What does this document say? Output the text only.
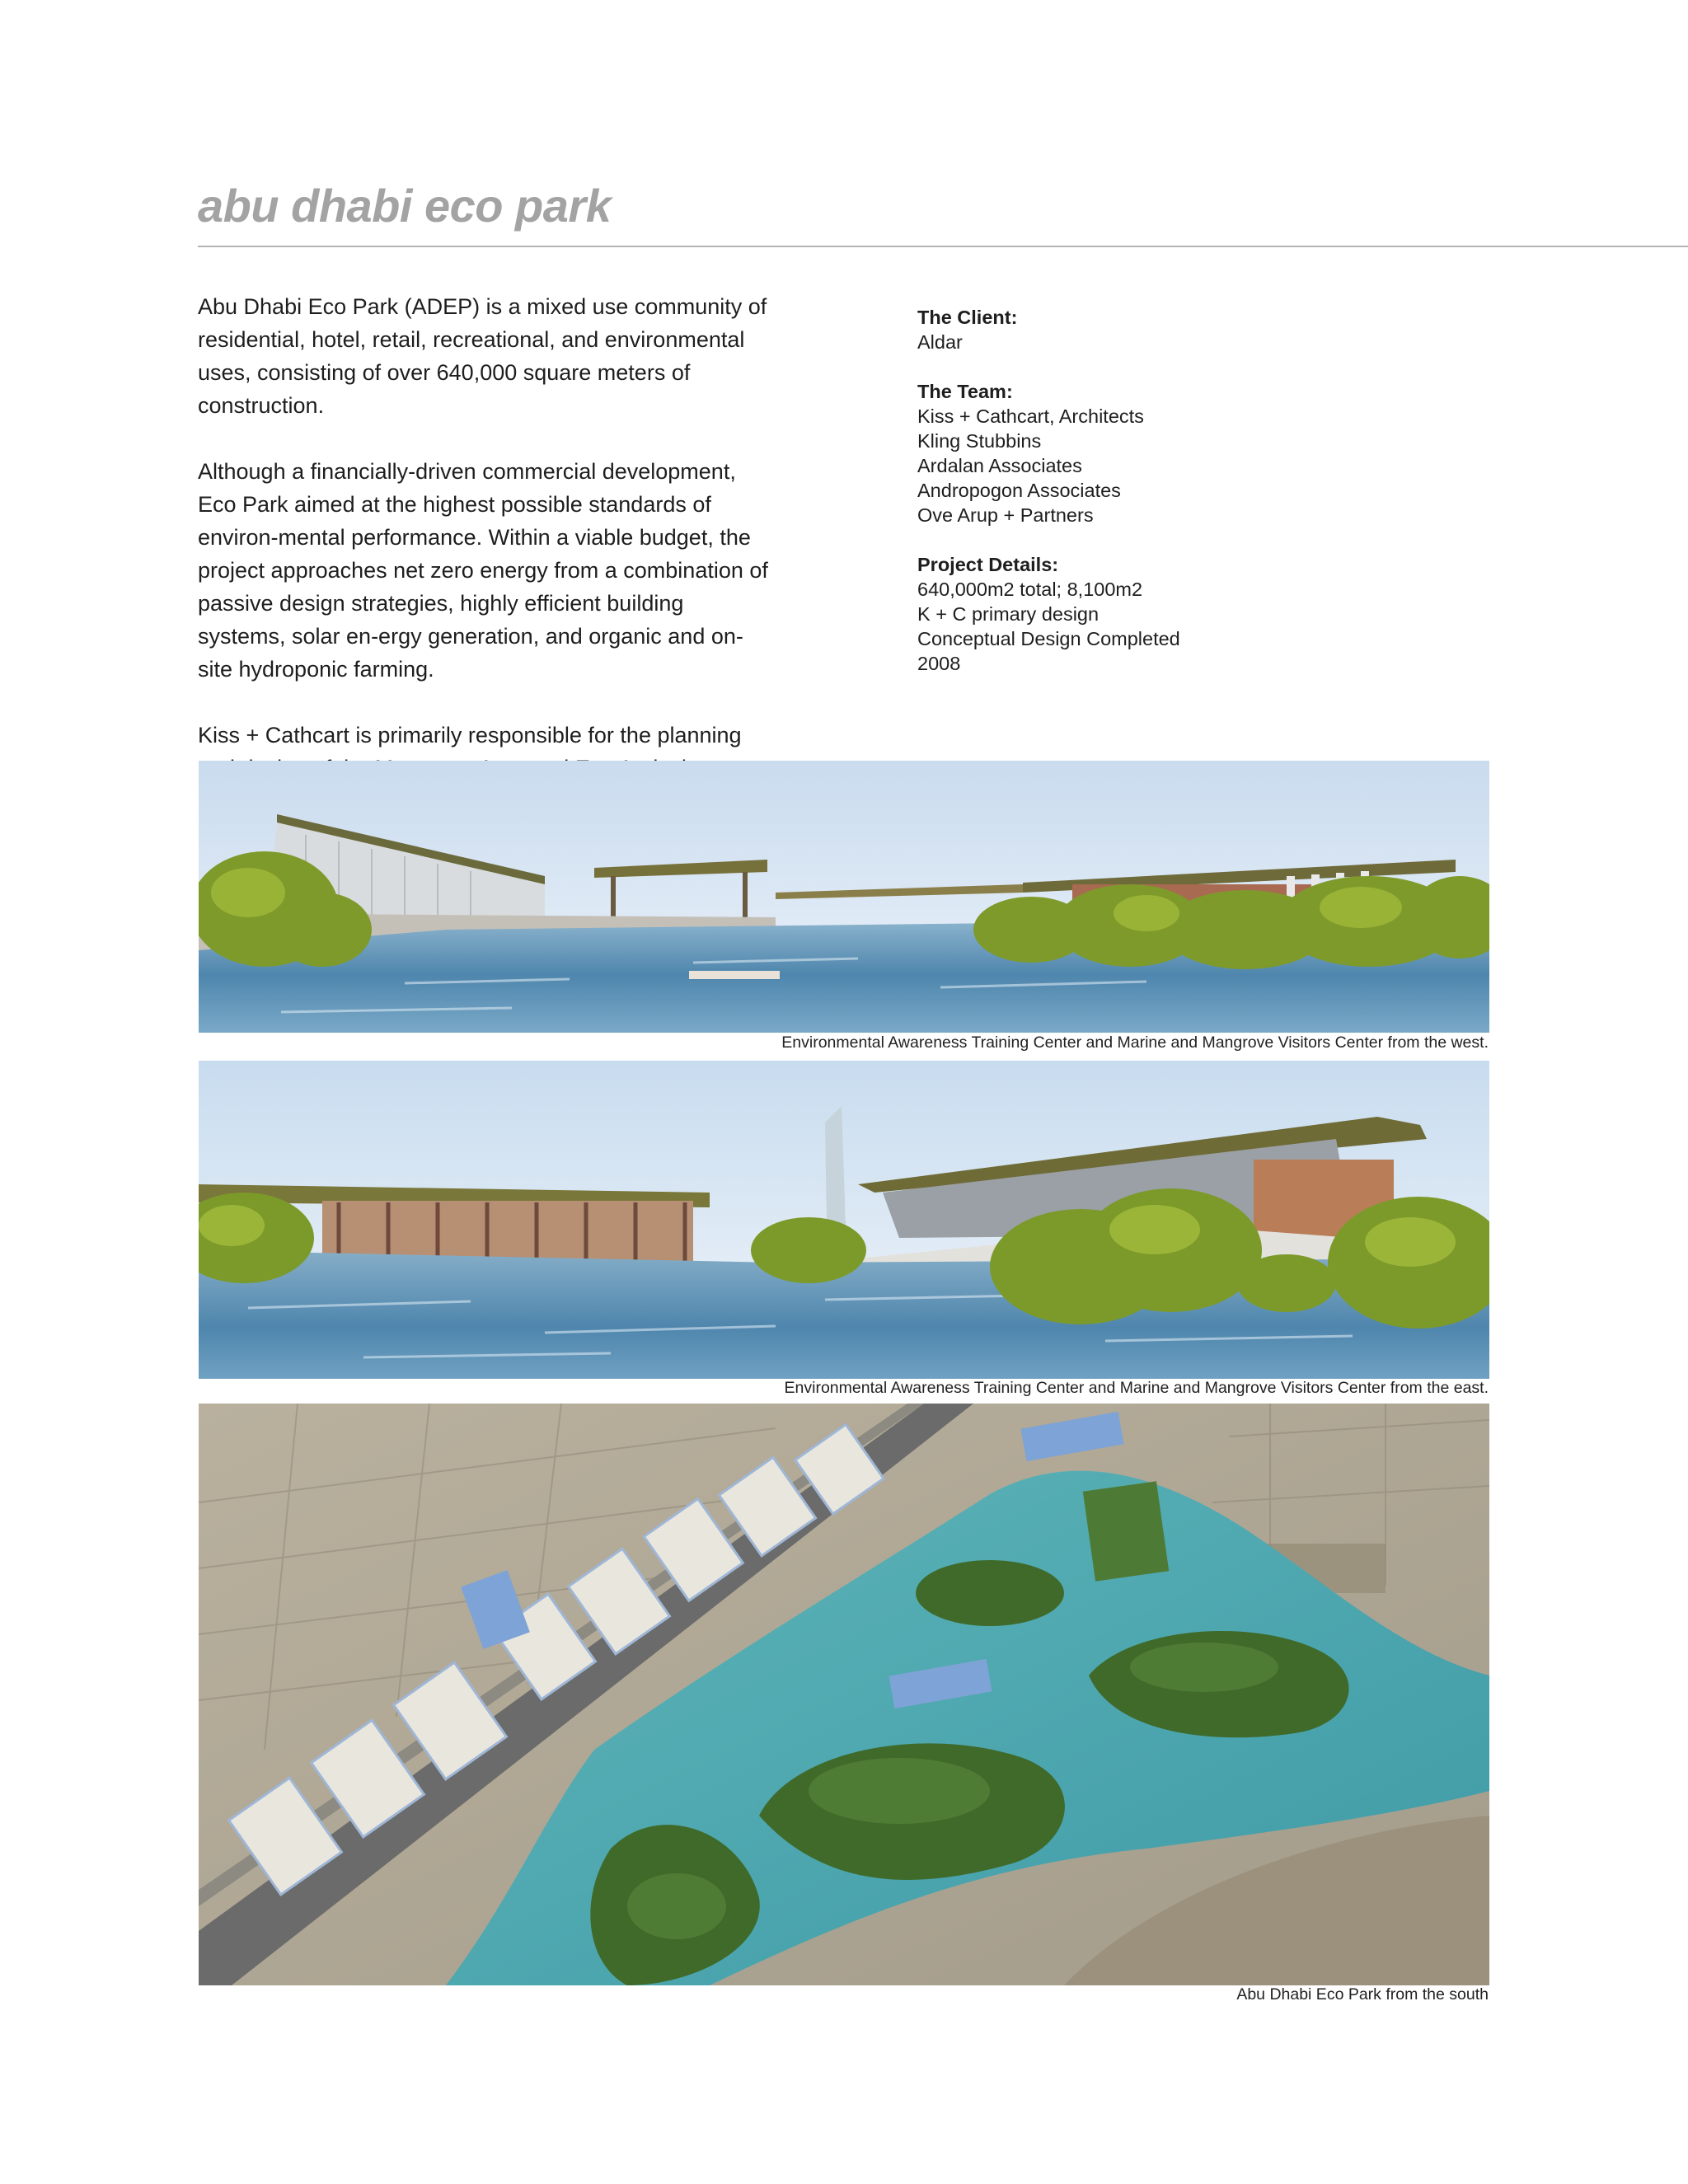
abu dhabi eco park

Abu Dhabi Eco Park (ADEP) is a mixed use community of residential, hotel, retail, recreational, and environmental uses, consisting of over 640,000 square meters of construction.

Although a financially-driven commercial development, Eco Park aimed at the highest possible standards of environ-mental performance. Within a viable budget, the project approaches net zero energy from a combination of passive design strategies, highly efficient building systems, solar en-ergy generation, and organic and on-site hydroponic farming.

Kiss + Cathcart is primarily responsible for the planning

The Client:
Aldar
The Team:
Kiss + Cathcart, Architects
Kling Stubbins
Ardalan Associates
Andropogon Associates
Ove Arup + Partners
Project Details:
640,000m2 total; 8,100m2
K + C primary design
Conceptual Design Completed
2008
Environmental Awareness Training Center and Marine and Mangrove Visitors Center from the west.
Environmental Awareness Training Center and Marine and Mangrove Visitors Center from the east.
Abu Dhabi Eco Park from the south
